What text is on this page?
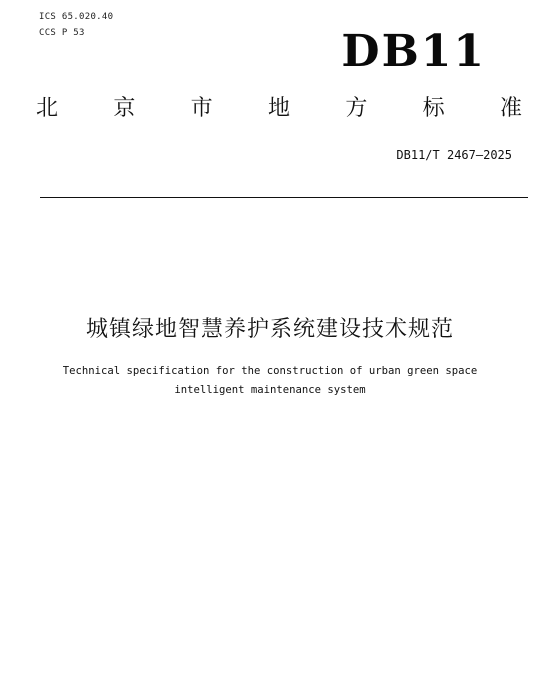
ICS 65.020.40
CCS P 53	DB11
北	京	市	地	方	标	准
DB11/T 2467—2025
城镇绿地智慧养护系统建设技术规范
Technical specification for the construction of urban green space
intelligent maintenance system
